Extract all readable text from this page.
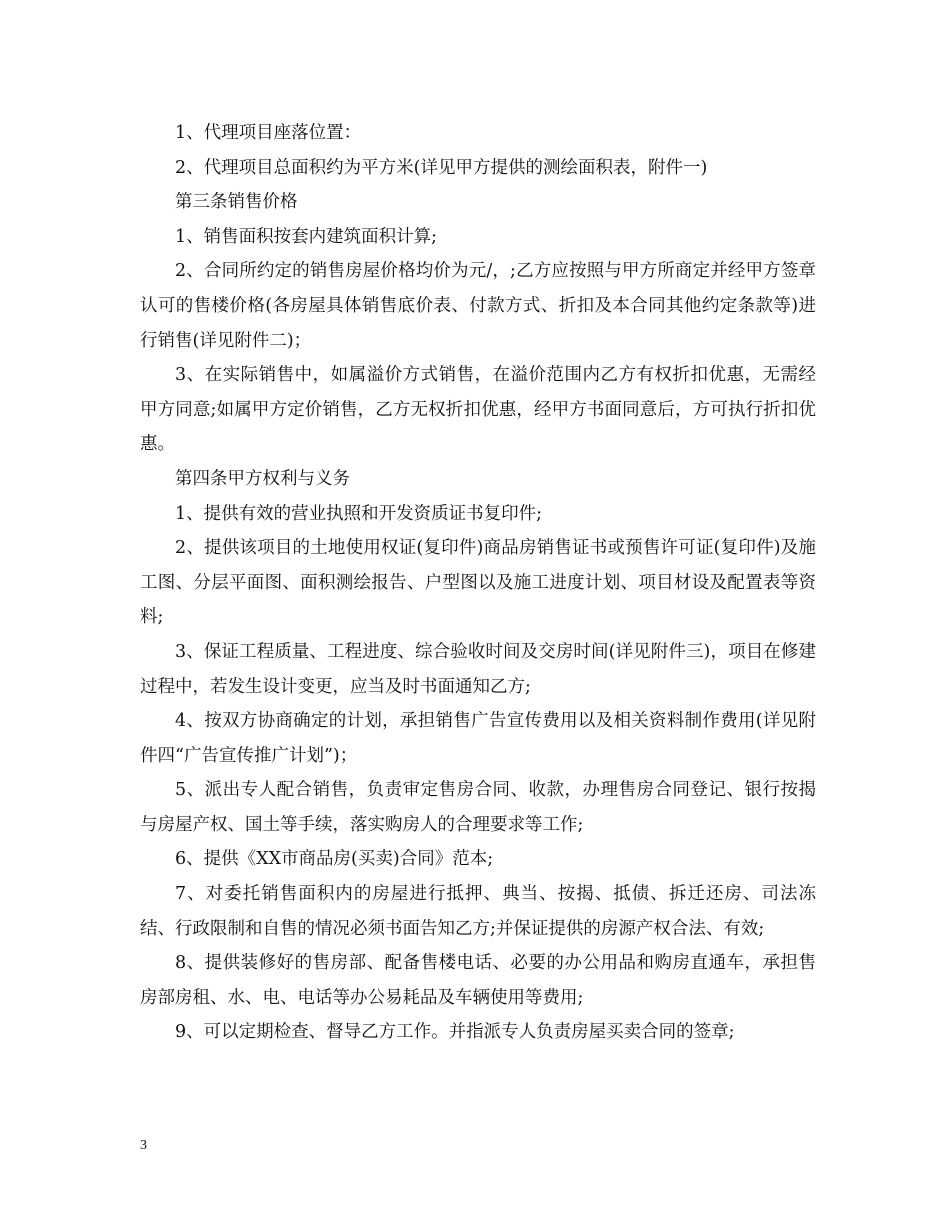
1、代理项目座落位置：

2、代理项目总面积约为平方米(详见甲方提供的测绘面积表，附件一)

第三条销售价格

1、销售面积按套内建筑面积计算;

2、合同所约定的销售房屋价格均价为元/，;乙方应按照与甲方所商定并经甲方签章认可的售楼价格(各房屋具体销售底价表、付款方式、折扣及本合同其他约定条款等)进行销售(详见附件二)；

3、在实际销售中，如属溢价方式销售，在溢价范围内乙方有权折扣优惠，无需经甲方同意;如属甲方定价销售，乙方无权折扣优惠，经甲方书面同意后，方可执行折扣优惠。

第四条甲方权利与义务

1、提供有效的营业执照和开发资质证书复印件;

2、提供该项目的土地使用权证(复印件)商品房销售证书或预售许可证(复印件)及施工图、分层平面图、面积测绘报告、户型图以及施工进度计划、项目材设及配置表等资料;

3、保证工程质量、工程进度、综合验收时间及交房时间(详见附件三)，项目在修建过程中，若发生设计变更，应当及时书面通知乙方;

4、按双方协商确定的计划，承担销售广告宣传费用以及相关资料制作费用(详见附件四“广告宣传推广计划”)；

5、派出专人配合销售，负责审定售房合同、收款，办理售房合同登记、银行按揭与房屋产权、国土等手续，落实购房人的合理要求等工作;

6、提供《XX市商品房(买卖)合同》范本;

7、对委托销售面积内的房屋进行抵押、典当、按揭、抵债、拆迁还房、司法冻结、行政限制和自售的情况必须书面告知乙方;并保证提供的房源产权合法、有效;

8、提供装修好的售房部、配备售楼电话、必要的办公用品和购房直通车，承担售房部房租、水、电、电话等办公易耗品及车辆使用等费用;

9、可以定期检查、督导乙方工作。并指派专人负责房屋买卖合同的签章;

3
